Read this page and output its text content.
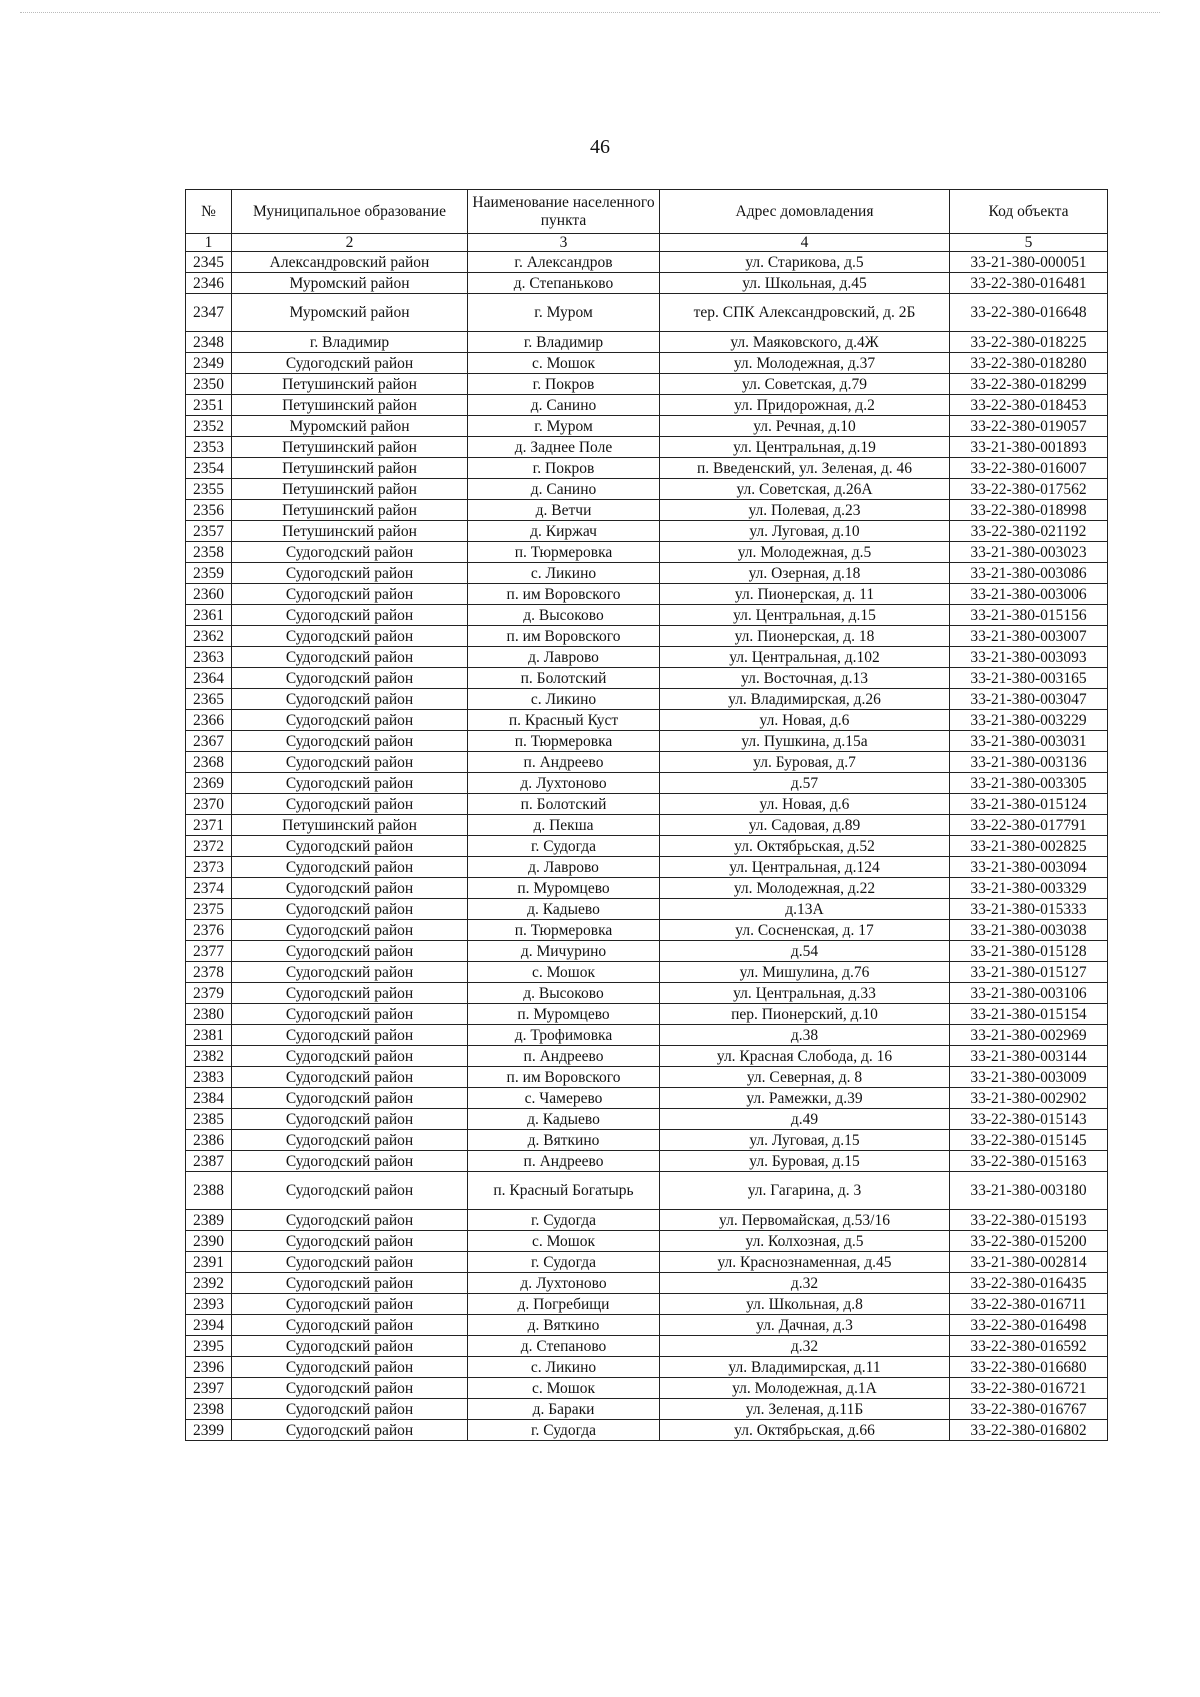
46
№	Муниципальное образование	Наименование населенного пункта	Адрес домовладения	Код объекта
1	2	3	4	5
2345	Александровский район	г. Александров	ул. Старикова, д.5	33-21-380-000051
2346	Муромский район	д. Степаньково	ул. Школьная, д.45	33-22-380-016481
2347	Муромский район	г. Муром	тер. СПК Александровский, д. 2Б	33-22-380-016648
2348	г. Владимир	г. Владимир	ул. Маяковского, д.4Ж	33-22-380-018225
2349	Судогодский район	с. Мошок	ул. Молодежная, д.37	33-22-380-018280
2350	Петушинский район	г. Покров	ул. Советская, д.79	33-22-380-018299
2351	Петушинский район	д. Санино	ул. Придорожная, д.2	33-22-380-018453
2352	Муромский район	г. Муром	ул. Речная, д.10	33-22-380-019057
2353	Петушинский район	д. Заднее Поле	ул. Центральная, д.19	33-21-380-001893
2354	Петушинский район	г. Покров	п. Введенский, ул. Зеленая, д. 46	33-22-380-016007
2355	Петушинский район	д. Санино	ул. Советская, д.26А	33-22-380-017562
2356	Петушинский район	д. Ветчи	ул. Полевая, д.23	33-22-380-018998
2357	Петушинский район	д. Киржач	ул. Луговая, д.10	33-22-380-021192
2358	Судогодский район	п. Тюрмеровка	ул. Молодежная, д.5	33-21-380-003023
2359	Судогодский район	с. Ликино	ул. Озерная, д.18	33-21-380-003086
2360	Судогодский район	п. им Воровского	ул. Пионерская, д. 11	33-21-380-003006
2361	Судогодский район	д. Высоково	ул. Центральная, д.15	33-21-380-015156
2362	Судогодский район	п. им Воровского	ул. Пионерская, д. 18	33-21-380-003007
2363	Судогодский район	д. Лаврово	ул. Центральная, д.102	33-21-380-003093
2364	Судогодский район	п. Болотский	ул. Восточная, д.13	33-21-380-003165
2365	Судогодский район	с. Ликино	ул. Владимирская, д.26	33-21-380-003047
2366	Судогодский район	п. Красный Куст	ул. Новая, д.6	33-21-380-003229
2367	Судогодский район	п. Тюрмеровка	ул. Пушкина, д.15а	33-21-380-003031
2368	Судогодский район	п. Андреево	ул. Буровая, д.7	33-21-380-003136
2369	Судогодский район	д. Лухтоново	д.57	33-21-380-003305
2370	Судогодский район	п. Болотский	ул. Новая, д.6	33-21-380-015124
2371	Петушинский район	д. Пекша	ул. Садовая, д.89	33-22-380-017791
2372	Судогодский район	г. Судогда	ул. Октябрьская, д.52	33-21-380-002825
2373	Судогодский район	д. Лаврово	ул. Центральная, д.124	33-21-380-003094
2374	Судогодский район	п. Муромцево	ул. Молодежная, д.22	33-21-380-003329
2375	Судогодский район	д. Кадыево	д.13А	33-21-380-015333
2376	Судогодский район	п. Тюрмеровка	ул. Сосненская, д. 17	33-21-380-003038
2377	Судогодский район	д. Мичурино	д.54	33-21-380-015128
2378	Судогодский район	с. Мошок	ул. Мишулина, д.76	33-21-380-015127
2379	Судогодский район	д. Высоково	ул. Центральная, д.33	33-21-380-003106
2380	Судогодский район	п. Муромцево	пер. Пионерский, д.10	33-21-380-015154
2381	Судогодский район	д. Трофимовка	д.38	33-21-380-002969
2382	Судогодский район	п. Андреево	ул. Красная Слобода, д. 16	33-21-380-003144
2383	Судогодский район	п. им Воровского	ул. Северная, д. 8	33-21-380-003009
2384	Судогодский район	с. Чамерево	ул. Рамежки, д.39	33-21-380-002902
2385	Судогодский район	д. Кадыево	д.49	33-22-380-015143
2386	Судогодский район	д. Вяткино	ул. Луговая, д.15	33-22-380-015145
2387	Судогодский район	п. Андреево	ул. Буровая, д.15	33-22-380-015163
2388	Судогодский район	п. Красный Богатырь	ул. Гагарина, д. 3	33-21-380-003180
2389	Судогодский район	г. Судогда	ул. Первомайская, д.53/16	33-22-380-015193
2390	Судогодский район	с. Мошок	ул. Колхозная, д.5	33-22-380-015200
2391	Судогодский район	г. Судогда	ул. Краснознаменная, д.45	33-21-380-002814
2392	Судогодский район	д. Лухтоново	д.32	33-22-380-016435
2393	Судогодский район	д. Погребищи	ул. Школьная, д.8	33-22-380-016711
2394	Судогодский район	д. Вяткино	ул. Дачная, д.3	33-22-380-016498
2395	Судогодский район	д. Степаново	д.32	33-22-380-016592
2396	Судогодский район	с. Ликино	ул. Владимирская, д.11	33-22-380-016680
2397	Судогодский район	с. Мошок	ул. Молодежная, д.1А	33-22-380-016721
2398	Судогодский район	д. Бараки	ул. Зеленая, д.11Б	33-22-380-016767
2399	Судогодский район	г. Судогда	ул. Октябрьская, д.66	33-22-380-016802
